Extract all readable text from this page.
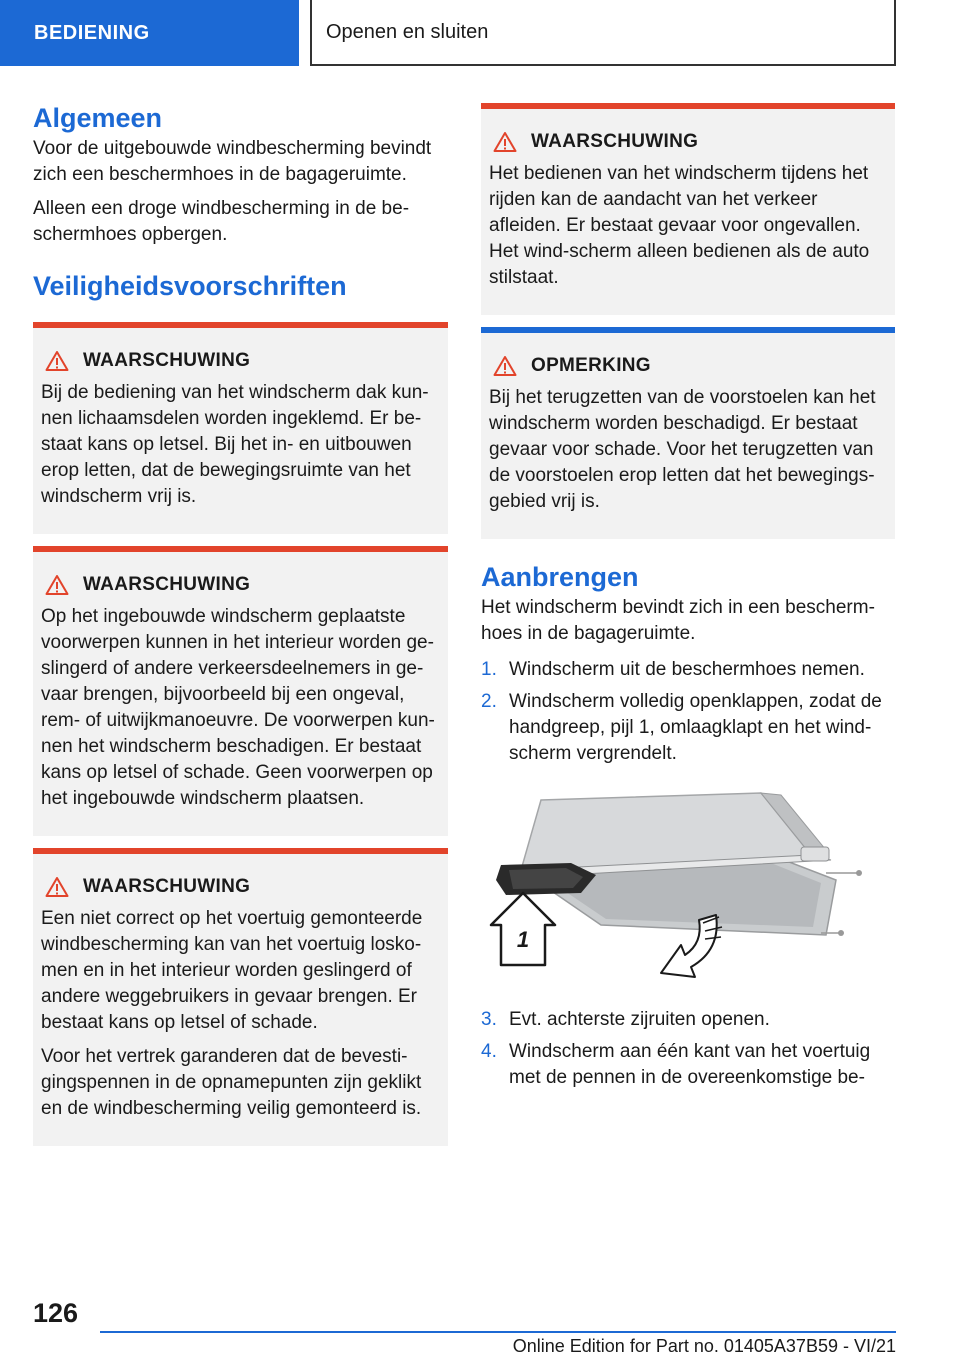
BEDIENING	Openen en sluiten
Algemeen

Voor de uitgebouwde windbescherming bevindt zich een beschermhoes in de bagageruimte.

Alleen een droge windbescherming in de be-schermhoes opbergen.

Veiligheidsvoorschriften
WAARSCHUWING

Bij de bediening van het windscherm dak kun-nen lichaamsdelen worden ingeklemd. Er be-staat kans op letsel. Bij het in- en uitbouwen erop letten, dat de bewegingsruimte van het windscherm vrij is.

WAARSCHUWING

Op het ingebouwde windscherm geplaatste voorwerpen kunnen in het interieur worden ge-slingerd of andere verkeersdeelnemers in ge-vaar brengen, bijvoorbeeld bij een ongeval, rem- of uitwijkmanoeuvre. De voorwerpen kun-nen het windscherm beschadigen. Er bestaat kans op letsel of schade. Geen voorwerpen op het ingebouwde windscherm plaatsen.

WAARSCHUWING

Een niet correct op het voertuig gemonteerde windbescherming kan van het voertuig losko-men en in het interieur worden geslingerd of andere weggebruikers in gevaar brengen. Er bestaat kans op letsel of schade.

Voor het vertrek garanderen dat de bevesti-gingspennen in de opnamepunten zijn geklikt en de windbescherming veilig gemonteerd is.

WAARSCHUWING

Het bedienen van het windscherm tijdens het rijden kan de aandacht van het verkeer afleiden. Er bestaat gevaar voor ongevallen. Het wind-scherm alleen bedienen als de auto stilstaat.

OPMERKING

Bij het terugzetten van de voorstoelen kan het windscherm worden beschadigd. Er bestaat gevaar voor schade. Voor het terugzetten van de voorstoelen erop letten dat het bewegings-gebied vrij is.

Aanbrengen

Het windscherm bevindt zich in een bescherm-hoes in de bagageruimte.

1. Windscherm uit de beschermhoes nemen.
2. Windscherm volledig openklappen, zodat de handgreep, pijl 1, omlaagklapt en het wind-scherm vergrendelt.
1
3. Evt. achterste zijruiten openen.
4. Windscherm aan één kant van het voertuig met de pennen in de overeenkomstige be-
126
Online Edition for Part no. 01405A37B59 - VI/21
